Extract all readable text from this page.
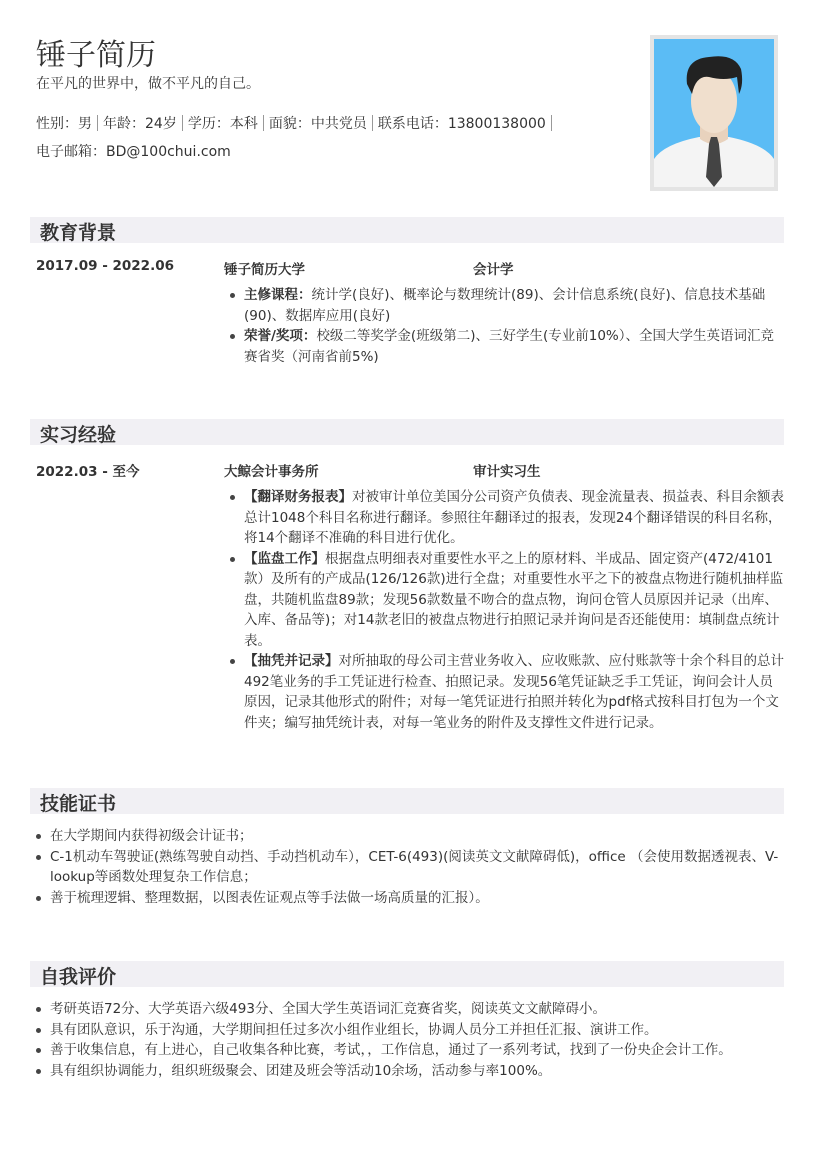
锤子简历
在平凡的世界中，做不平凡的自己。
性别：男 年龄：24岁 学历：本科 面貌：中共党员 联系电话：13800138000
电子邮箱：BD@100chui.com
教育背景
2017.09 - 2022.06	锤子简历大学	会计学
主修课程：统计学(良好)、概率论与数理统计(89)、会计信息系统(良好)、信息技术基础(90)、数据库应用(良好)
荣誉/奖项：校级二等奖学金(班级第二)、三好学生(专业前10%）、全国大学生英语词汇竞赛省奖（河南省前5%)
实习经验
2022.03 - 至今	大鲸会计事务所	审计实习生
【翻译财务报表】对被审计单位美国分公司资产负债表、现金流量表、损益表、科目余额表总计1048个科目名称进行翻译。参照往年翻译过的报表，发现24个翻译错误的科目名称，将14个翻译不准确的科目进行优化。
【监盘工作】根据盘点明细表对重要性水平之上的原材料、半成品、固定资产(472/4101款）及所有的产成品(126/126款)进行全盘；对重要性水平之下的被盘点物进行随机抽样监盘，共随机监盘89款；发现56款数量不吻合的盘点物，询问仓管人员原因并记录（出库、入库、备品等)；对14款老旧的被盘点物进行拍照记录并询问是否还能使用：填制盘点统计表。
【抽凭并记录】对所抽取的母公司主营业务收入、应收账款、应付账款等十余个科目的总计492笔业务的手工凭证进行检查、拍照记录。发现56笔凭证缺乏手工凭证，询问会计人员原因，记录其他形式的附件；对每一笔凭证进行拍照并转化为pdf格式按科目打包为一个文件夹；编写抽凭统计表，对每一笔业务的附件及支撑性文件进行记录。
技能证书
在大学期间内获得初级会计证书；
C-1机动车驾驶证(熟练驾驶自动挡、手动挡机动车），CET-6(493)(阅读英文文献障碍低)，office （会使用数据透视表、V-lookup等函数处理复杂工作信息；
善于梳理逻辑、整理数据，以图表佐证观点等手法做一场高质量的汇报）。
自我评价
考研英语72分、大学英语六级493分、全国大学生英语词汇竞赛省奖，阅读英文文献障碍小。
具有团队意识，乐于沟通，大学期间担任过多次小组作业组长，协调人员分工并担任汇报、演讲工作。
善于收集信息，有上进心，自己收集各种比赛，考试，，工作信息，通过了一系列考试，找到了一份央企会计工作。
具有组织协调能力，组织班级聚会、团建及班会等活动10余场，活动参与率100%。
